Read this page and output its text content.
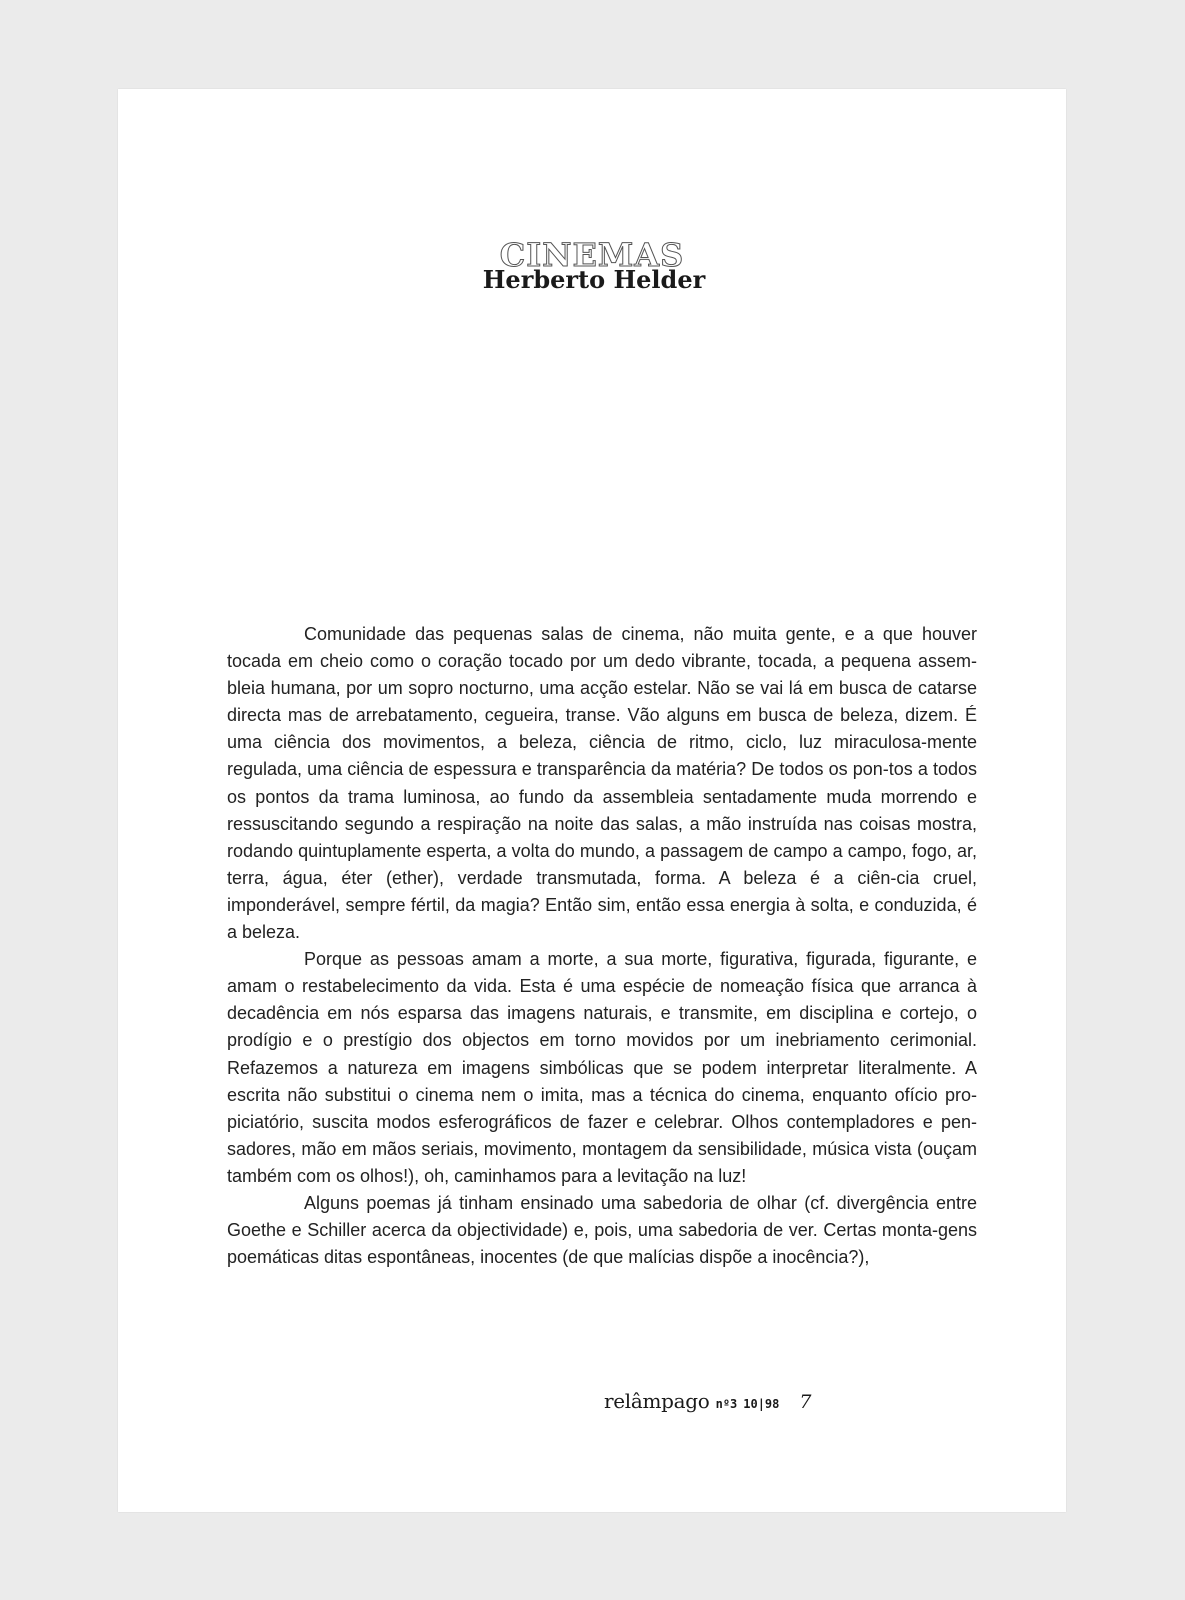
CINEMAS
Herberto Helder

Comunidade das pequenas salas de cinema, não muita gente, e a que houver tocada em cheio como o coração tocado por um dedo vibrante, tocada, a pequena assem-bleia humana, por um sopro nocturno, uma acção estelar. Não se vai lá em busca de catarse directa mas de arrebatamento, cegueira, transe. Vão alguns em busca de beleza, dizem. É uma ciência dos movimentos, a beleza, ciência de ritmo, ciclo, luz miraculosa-mente regulada, uma ciência de espessura e transparência da matéria? De todos os pon-tos a todos os pontos da trama luminosa, ao fundo da assembleia sentadamente muda morrendo e ressuscitando segundo a respiração na noite das salas, a mão instruída nas coisas mostra, rodando quintuplamente esperta, a volta do mundo, a passagem de campo a campo, fogo, ar, terra, água, éter (ether), verdade transmutada, forma. A beleza é a ciên-cia cruel, imponderável, sempre fértil, da magia? Então sim, então essa energia à solta, e conduzida, é a beleza.

Porque as pessoas amam a morte, a sua morte, figurativa, figurada, figurante, e amam o restabelecimento da vida. Esta é uma espécie de nomeação física que arranca à decadência em nós esparsa das imagens naturais, e transmite, em disciplina e cortejo, o prodígio e o prestígio dos objectos em torno movidos por um inebriamento cerimonial. Refazemos a natureza em imagens simbólicas que se podem interpretar literalmente. A escrita não substitui o cinema nem o imita, mas a técnica do cinema, enquanto ofício pro-piciatório, suscita modos esferográficos de fazer e celebrar. Olhos contempladores e pen-sadores, mão em mãos seriais, movimento, montagem da sensibilidade, música vista (ouçam também com os olhos!), oh, caminhamos para a levitação na luz!

Alguns poemas já tinham ensinado uma sabedoria de olhar (cf. divergência entre Goethe e Schiller acerca da objectividade) e, pois, uma sabedoria de ver. Certas monta-gens poemáticas ditas espontâneas, inocentes (de que malícias dispõe a inocência?),

relâmpago nº3 10|98 7
